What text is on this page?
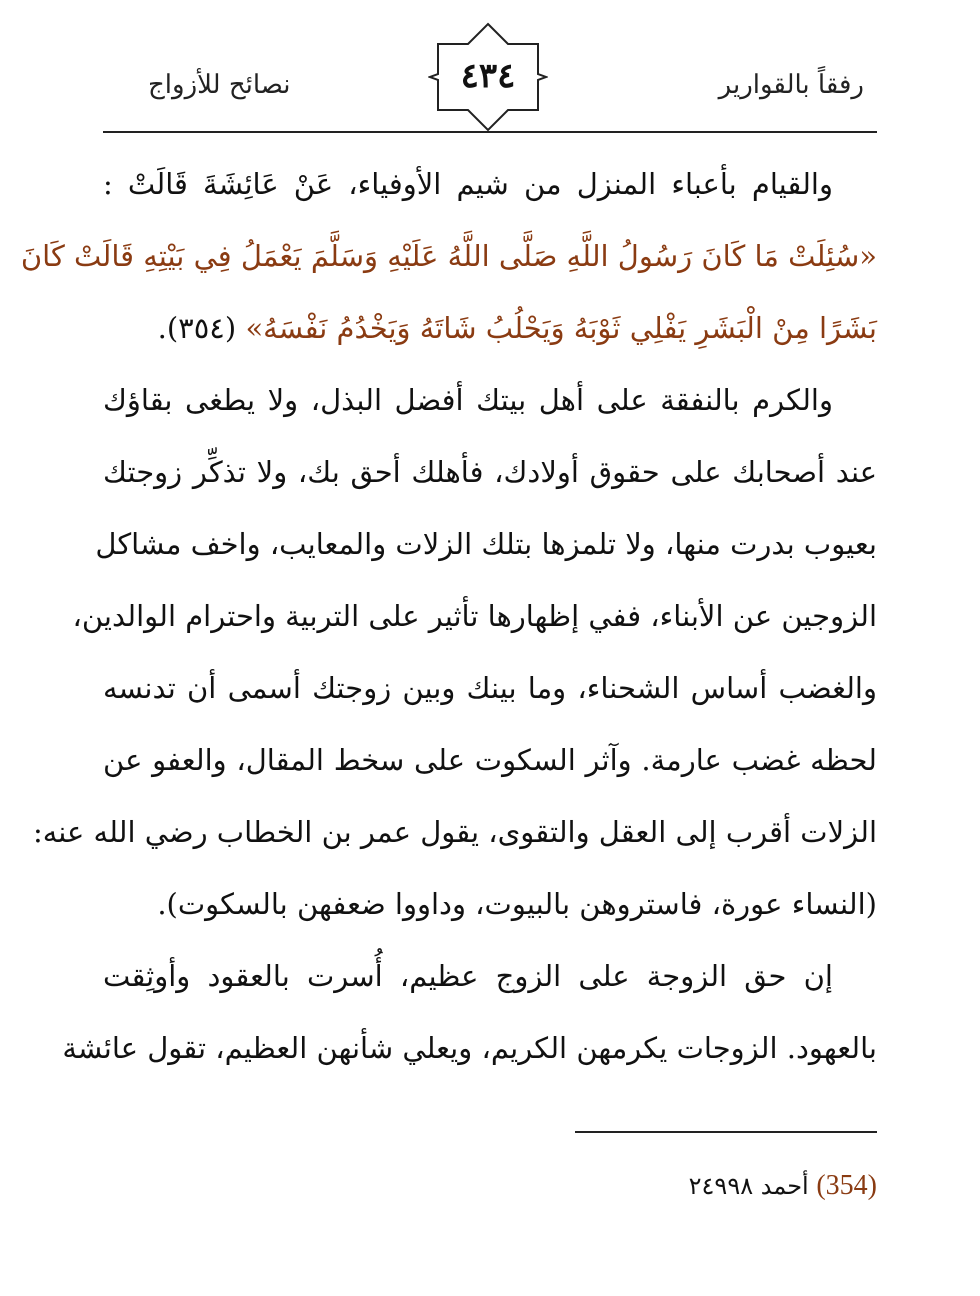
رفقاً بالقوارير
نصائح للأزواج	٤٣٤
والقيام بأعباء المنزل من شيم الأوفياء، عَنْ عَائِشَةَ قَالَتْ :
«سُئِلَتْ مَا كَانَ رَسُولُ اللَّهِ صَلَّى اللَّهُ عَلَيْهِ وَسَلَّمَ يَعْمَلُ فِي بَيْتِهِ قَالَتْ كَانَ
بَشَرًا مِنْ الْبَشَرِ يَفْلِي ثَوْبَهُ وَيَحْلُبُ شَاتَهُ وَيَخْدُمُ نَفْسَهُ» (٣٥٤).
والكرم بالنفقة على أهل بيتك أفضل البذل، ولا يطغى بقاؤك
عند أصحابك على حقوق أولادك، فأهلك أحق بك، ولا تذكِّر زوجتك
بعيوب بدرت منها، ولا تلمزها بتلك الزلات والمعايب، واخف مشاكل
الزوجين عن الأبناء، ففي إظهارها تأثير على التربية واحترام الوالدين،
والغضب أساس الشحناء، وما بينك وبين زوجتك أسمى أن تدنسه
لحظه غضب عارمة. وآثر السكوت على سخط المقال، والعفو عن
الزلات أقرب إلى العقل والتقوى، يقول عمر بن الخطاب رضي الله عنه:
(النساء عورة، فاستروهن بالبيوت، وداووا ضعفهن بالسكوت).
إن حق الزوجة على الزوج عظيم، أُسرت بالعقود وأوثِقت
بالعهود. الزوجات يكرمهن الكريم، ويعلي شأنهن العظيم، تقول عائشة
(354) أحمد ٢٤٩٩٨
